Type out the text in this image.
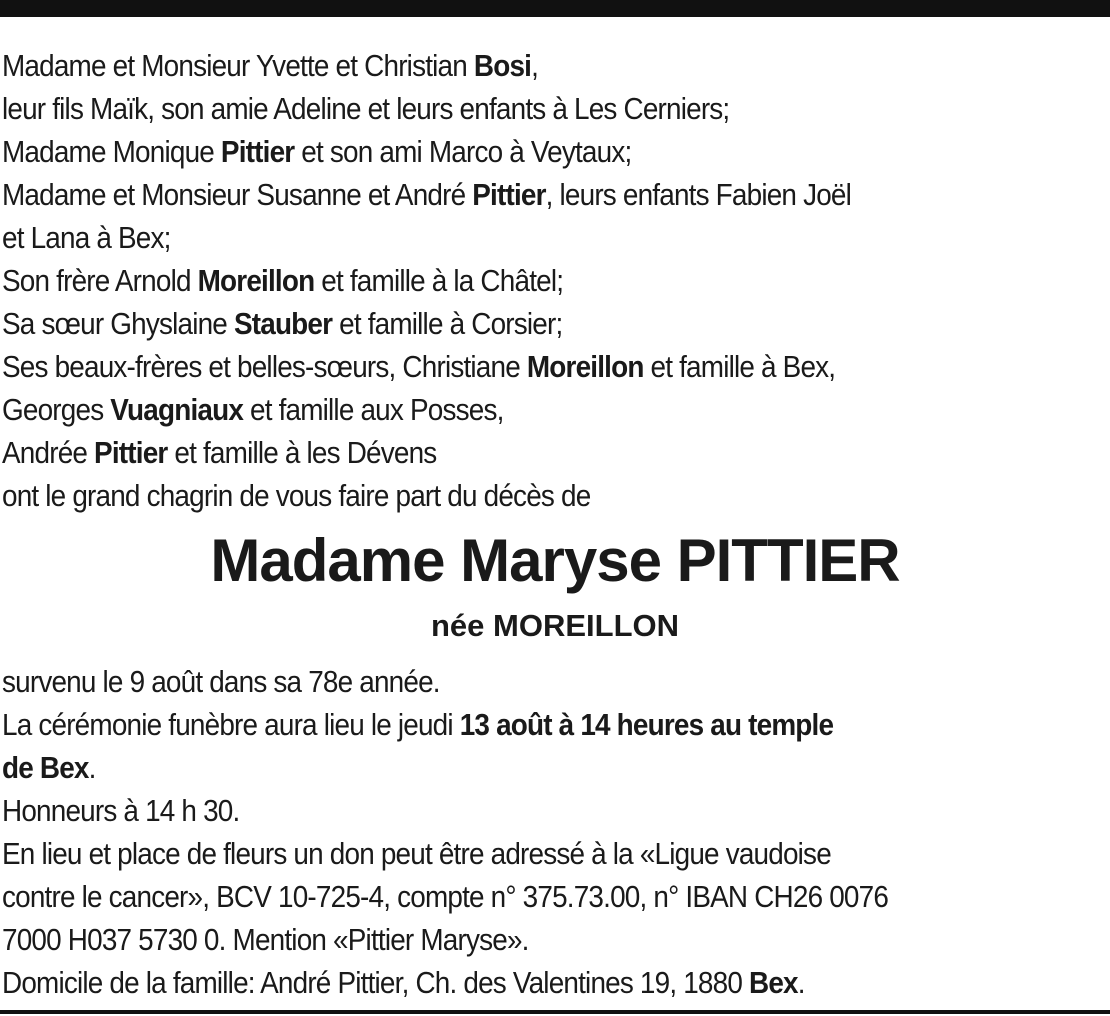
Madame et Monsieur Yvette et Christian Bosi,

leur fils Maïk, son amie Adeline et leurs enfants à Les Cerniers;

Madame Monique Pittier et son ami Marco à Veytaux;

Madame et Monsieur Susanne et André Pittier, leurs enfants Fabien Joël

et Lana à Bex;

Son frère Arnold Moreillon et famille à la Châtel;

Sa sœur Ghyslaine Stauber et famille à Corsier;

Ses beaux-frères et belles-sœurs, Christiane Moreillon et famille à Bex,

Georges Vuagniaux et famille aux Posses,

Andrée Pittier et famille à les Dévens

ont le grand chagrin de vous faire part du décès de

Madame Maryse PITTIER
née MOREILLON

survenu le 9 août dans sa 78e année.

La cérémonie funèbre aura lieu le jeudi 13 août à 14 heures au temple

de Bex.

Honneurs à 14 h 30.

En lieu et place de fleurs un don peut être adressé à la «Ligue vaudoise

contre le cancer», BCV 10-725-4, compte n° 375.73.00, n° IBAN CH26 0076

7000 H037 5730 0. Mention «Pittier Maryse».

Domicile de la famille: André Pittier, Ch. des Valentines 19, 1880 Bex.
